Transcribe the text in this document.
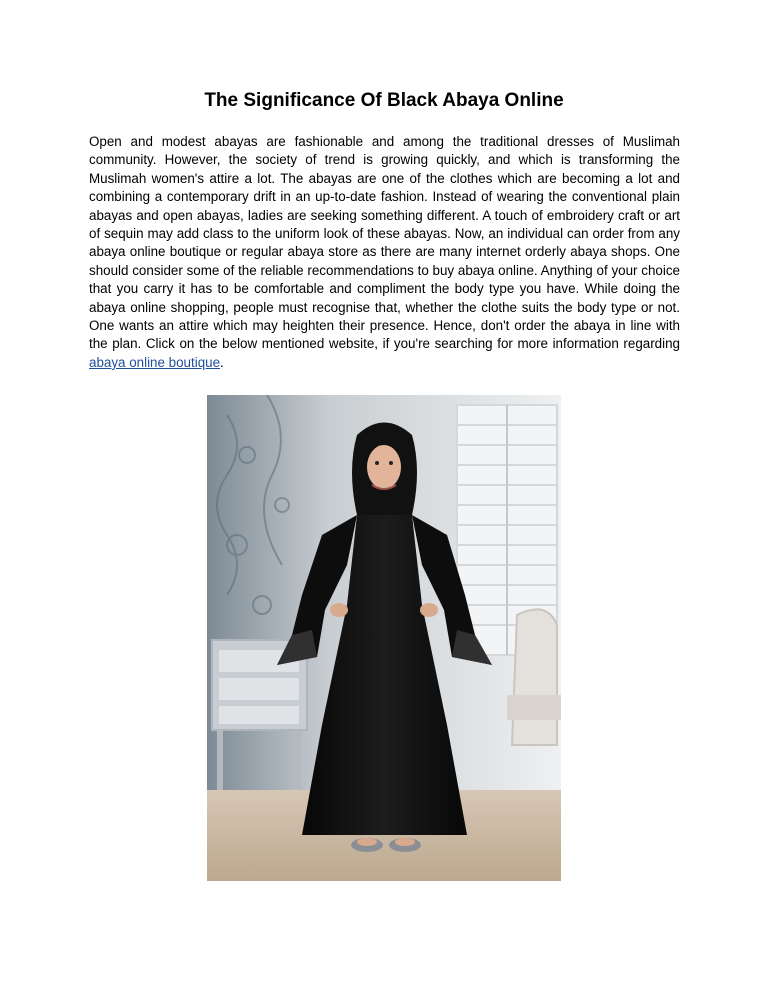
The Significance Of Black Abaya Online
Open and modest abayas are fashionable and among the traditional dresses of Muslimah community. However, the society of trend is growing quickly, and which is transforming the Muslimah women's attire a lot. The abayas are one of the clothes which are becoming a lot and combining a contemporary drift in an up-to-date fashion. Instead of wearing the conventional plain abayas and open abayas, ladies are seeking something different. A touch of embroidery craft or art of sequin may add class to the uniform look of these abayas. Now, an individual can order from any abaya online boutique or regular abaya store as there are many internet orderly abaya shops. One should consider some of the reliable recommendations to buy abaya online. Anything of your choice that you carry it has to be comfortable and compliment the body type you have. While doing the abaya online shopping, people must recognise that, whether the clothe suits the body type or not. One wants an attire which may heighten their presence. Hence, don't order the abaya in line with the plan. Click on the below mentioned website, if you're searching for more information regarding abaya online boutique.
